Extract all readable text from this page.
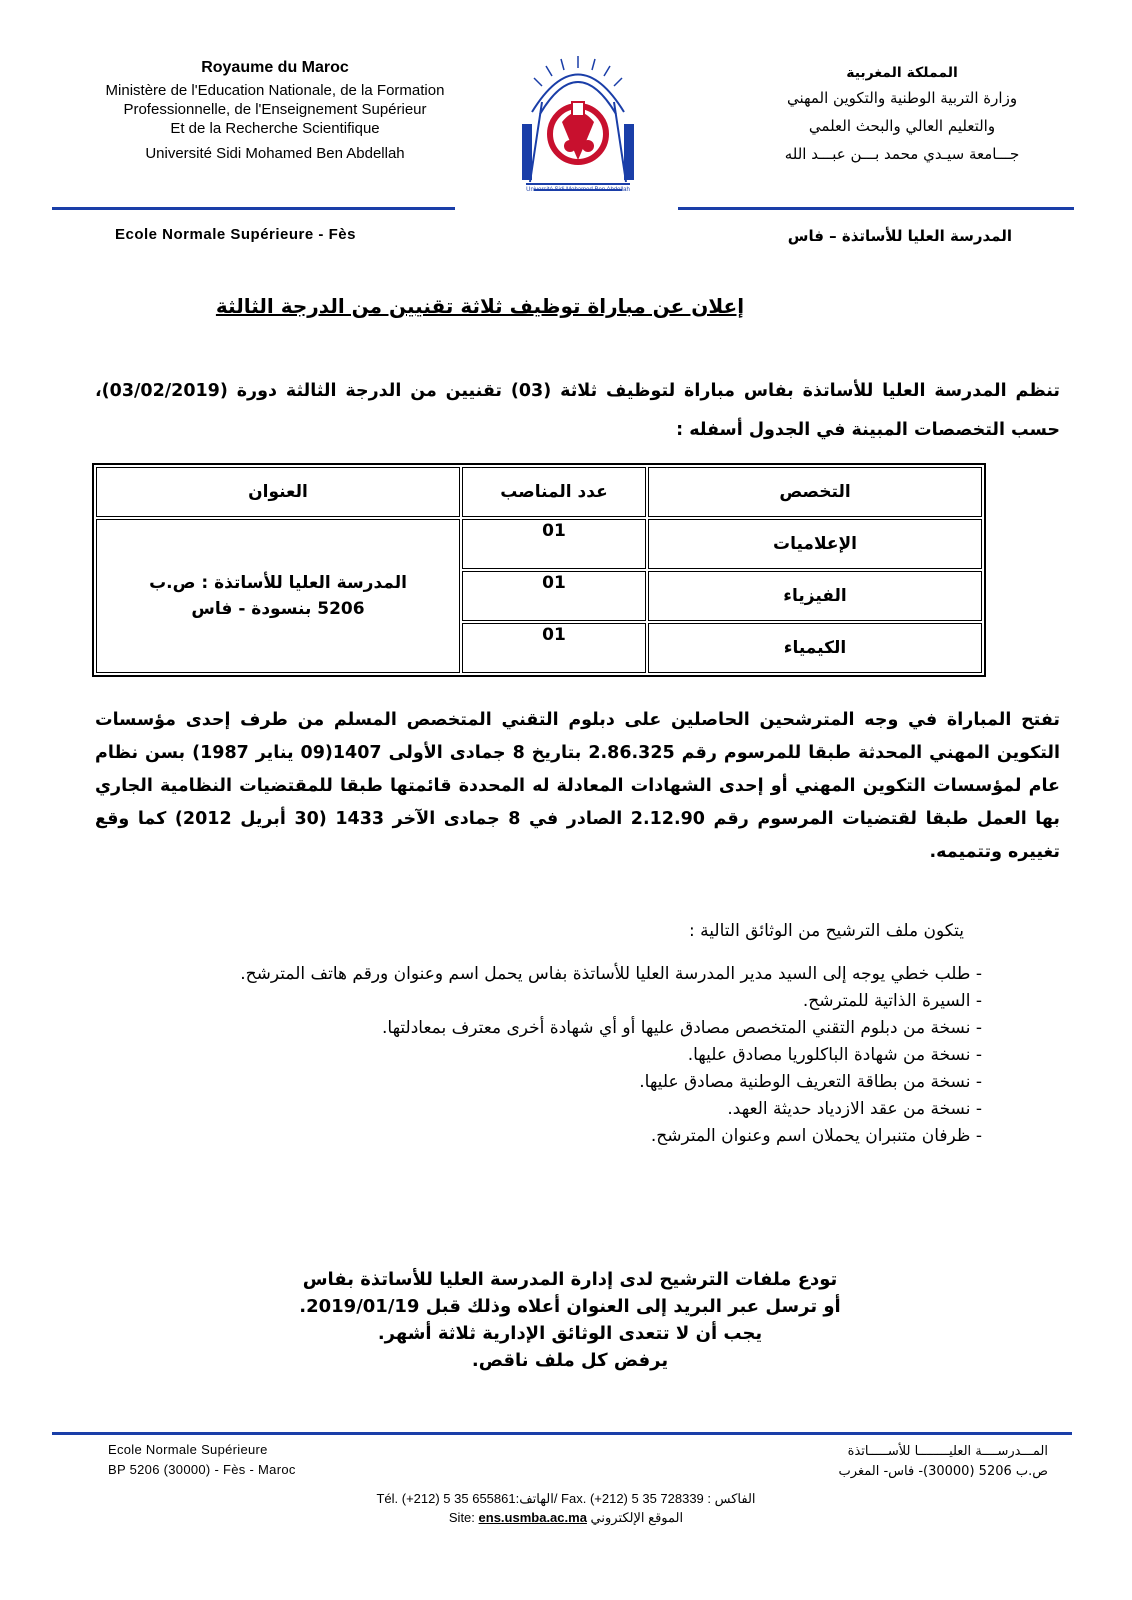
Royaume du Maroc
Ministère de l'Education Nationale, de la Formation
Professionnelle, de l'Enseignement Supérieur
Et de la Recherche Scientifique
Université Sidi Mohamed Ben Abdellah
Université Sidi Mohamed Ben Abdellah
المملكة المغربية
وزارة التربية الوطنية والتكوين المهني
والتعليم العالي والبحث العلمي
جـــامعة سيـدي محمد بـــن عبـــد الله
Ecole Normale Supérieure - Fès	المدرسة العليا للأساتذة – فاس
إعلان عن مباراة توظيف ثلاثة تقنيين من الدرجة الثالثة
تنظم المدرسة العليا للأساتذة بفاس مباراة لتوظيف ثلاثة (03) تقنيين من الدرجة الثالثة دورة (03/02/2019)، حسب التخصصات المبينة في الجدول أسفله :
التخصص	عدد المناصب	العنوان
الإعلاميات	01	المدرسة العليا للأساتذة : ص.ب 5206 بنسودة - فاس
الفيزياء	01	
الكيمياء	01	
تفتح المباراة في وجه المترشحين الحاصلين على دبلوم التقني المتخصص المسلم من طرف إحدى مؤسسات التكوين المهني المحدثة طبقا للمرسوم رقم 2.86.325 بتاريخ 8 جمادى الأولى 1407(09 يناير 1987) بسن نظام عام لمؤسسات التكوين المهني أو إحدى الشهادات المعادلة له المحددة قائمتها طبقا للمقتضيات النظامية الجاري بها العمل طبقا لقتضيات المرسوم رقم 2.12.90 الصادر في 8 جمادى الآخر 1433 (30 أبريل 2012) كما وقع تغييره وتتميمه.
يتكون ملف الترشيح من الوثائق التالية :
- طلب خطي يوجه إلى السيد مدير المدرسة العليا للأساتذة بفاس يحمل اسم وعنوان ورقم هاتف المترشح.
- السيرة الذاتية للمترشح.
- نسخة من دبلوم التقني المتخصص مصادق عليها أو أي شهادة أخرى معترف بمعادلتها.
- نسخة من شهادة الباكلوريا مصادق عليها.
- نسخة من بطاقة التعريف الوطنية مصادق عليها.
- نسخة من عقد الازدياد حديثة العهد.
- ظرفان متنبران يحملان اسم وعنوان المترشح.
تودع ملفات الترشيح لدى إدارة المدرسة العليا للأساتذة بفاس
أو ترسل عبر البريد إلى العنوان أعلاه وذلك قبل 2019/01/19.
يجب أن لا تتعدى الوثائق الإدارية ثلاثة أشهر.
يرفض كل ملف ناقص.
Ecole Normale Supérieure
BP 5206 (30000) - Fès - Maroc
المـــدرســــة العليــــــــا للأســـــاتذة
ص.ب 5206 (30000)- فاس- المغرب
Tél. (+212) 5 35 655861:الهاتف/ Fax. (+212) 5 35 728339 : الفاكس
Site: ens.usmba.ac.ma الموقع الإلكتروني
